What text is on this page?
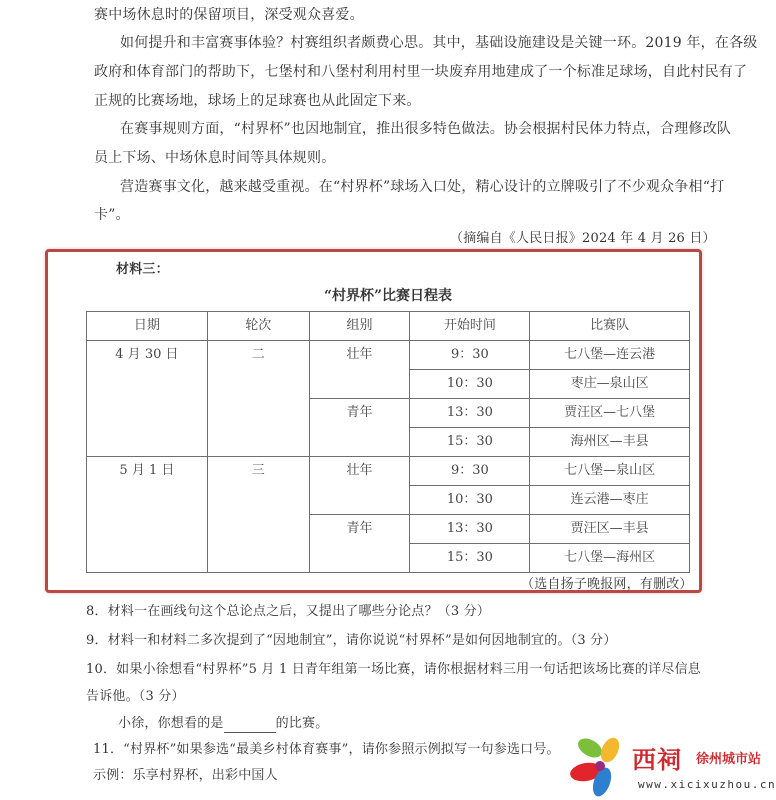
赛中场休息时的保留项目，深受观众喜爱。
如何提升和丰富赛事体验？村赛组织者颇费心思。其中，基础设施建设是关键一环。2019 年，在各级
政府和体育部门的帮助下，七堡村和八堡村利用村里一块废弃用地建成了一个标准足球场，自此村民有了
正规的比赛场地，球场上的足球赛也从此固定下来。
在赛事规则方面，“村界杯”也因地制宜，推出很多特色做法。协会根据村民体力特点，合理修改队
员上下场、中场休息时间等具体规则。
营造赛事文化，越来越受重视。在“村界杯”球场入口处，精心设计的立牌吸引了不少观众争相“打
卡”。
（摘编自《人民日报》2024 年 4 月 26 日）
材料三：
“村界杯”比赛日程表
日期	轮次	组别	开始时间	比赛队
4 月 30 日	二	壮年	9：30	七八堡—连云港
			10：30	枣庄—泉山区
		青年	13：30	贾汪区—七八堡
			15：30	海州区—丰县
5 月 1 日	三	壮年	9：30	七八堡—泉山区
			10：30	连云港—枣庄
		青年	13：30	贾汪区—丰县
			15：30	七八堡—海州区
（选自扬子晚报网，有删改）
8．材料一在画线句这个总论点之后，又提出了哪些分论点？（3 分）
9．材料一和材料二多次提到了“因地制宜”，请你说说“村界杯”是如何因地制宜的。（3 分）
10．如果小徐想看“村界杯”5 月 1 日青年组第一场比赛，请你根据材料三用一句话把该场比赛的详尽信息
告诉他。（3 分）
小徐，你想看的是	的比赛。
11．“村界杯”如果参选“最美乡村体育赛事”，请你参照示例拟写一句参选口号。
示例：乐享村界杯，出彩中国人
西祠 徐州城市站
www.xicixuzhou.cn
